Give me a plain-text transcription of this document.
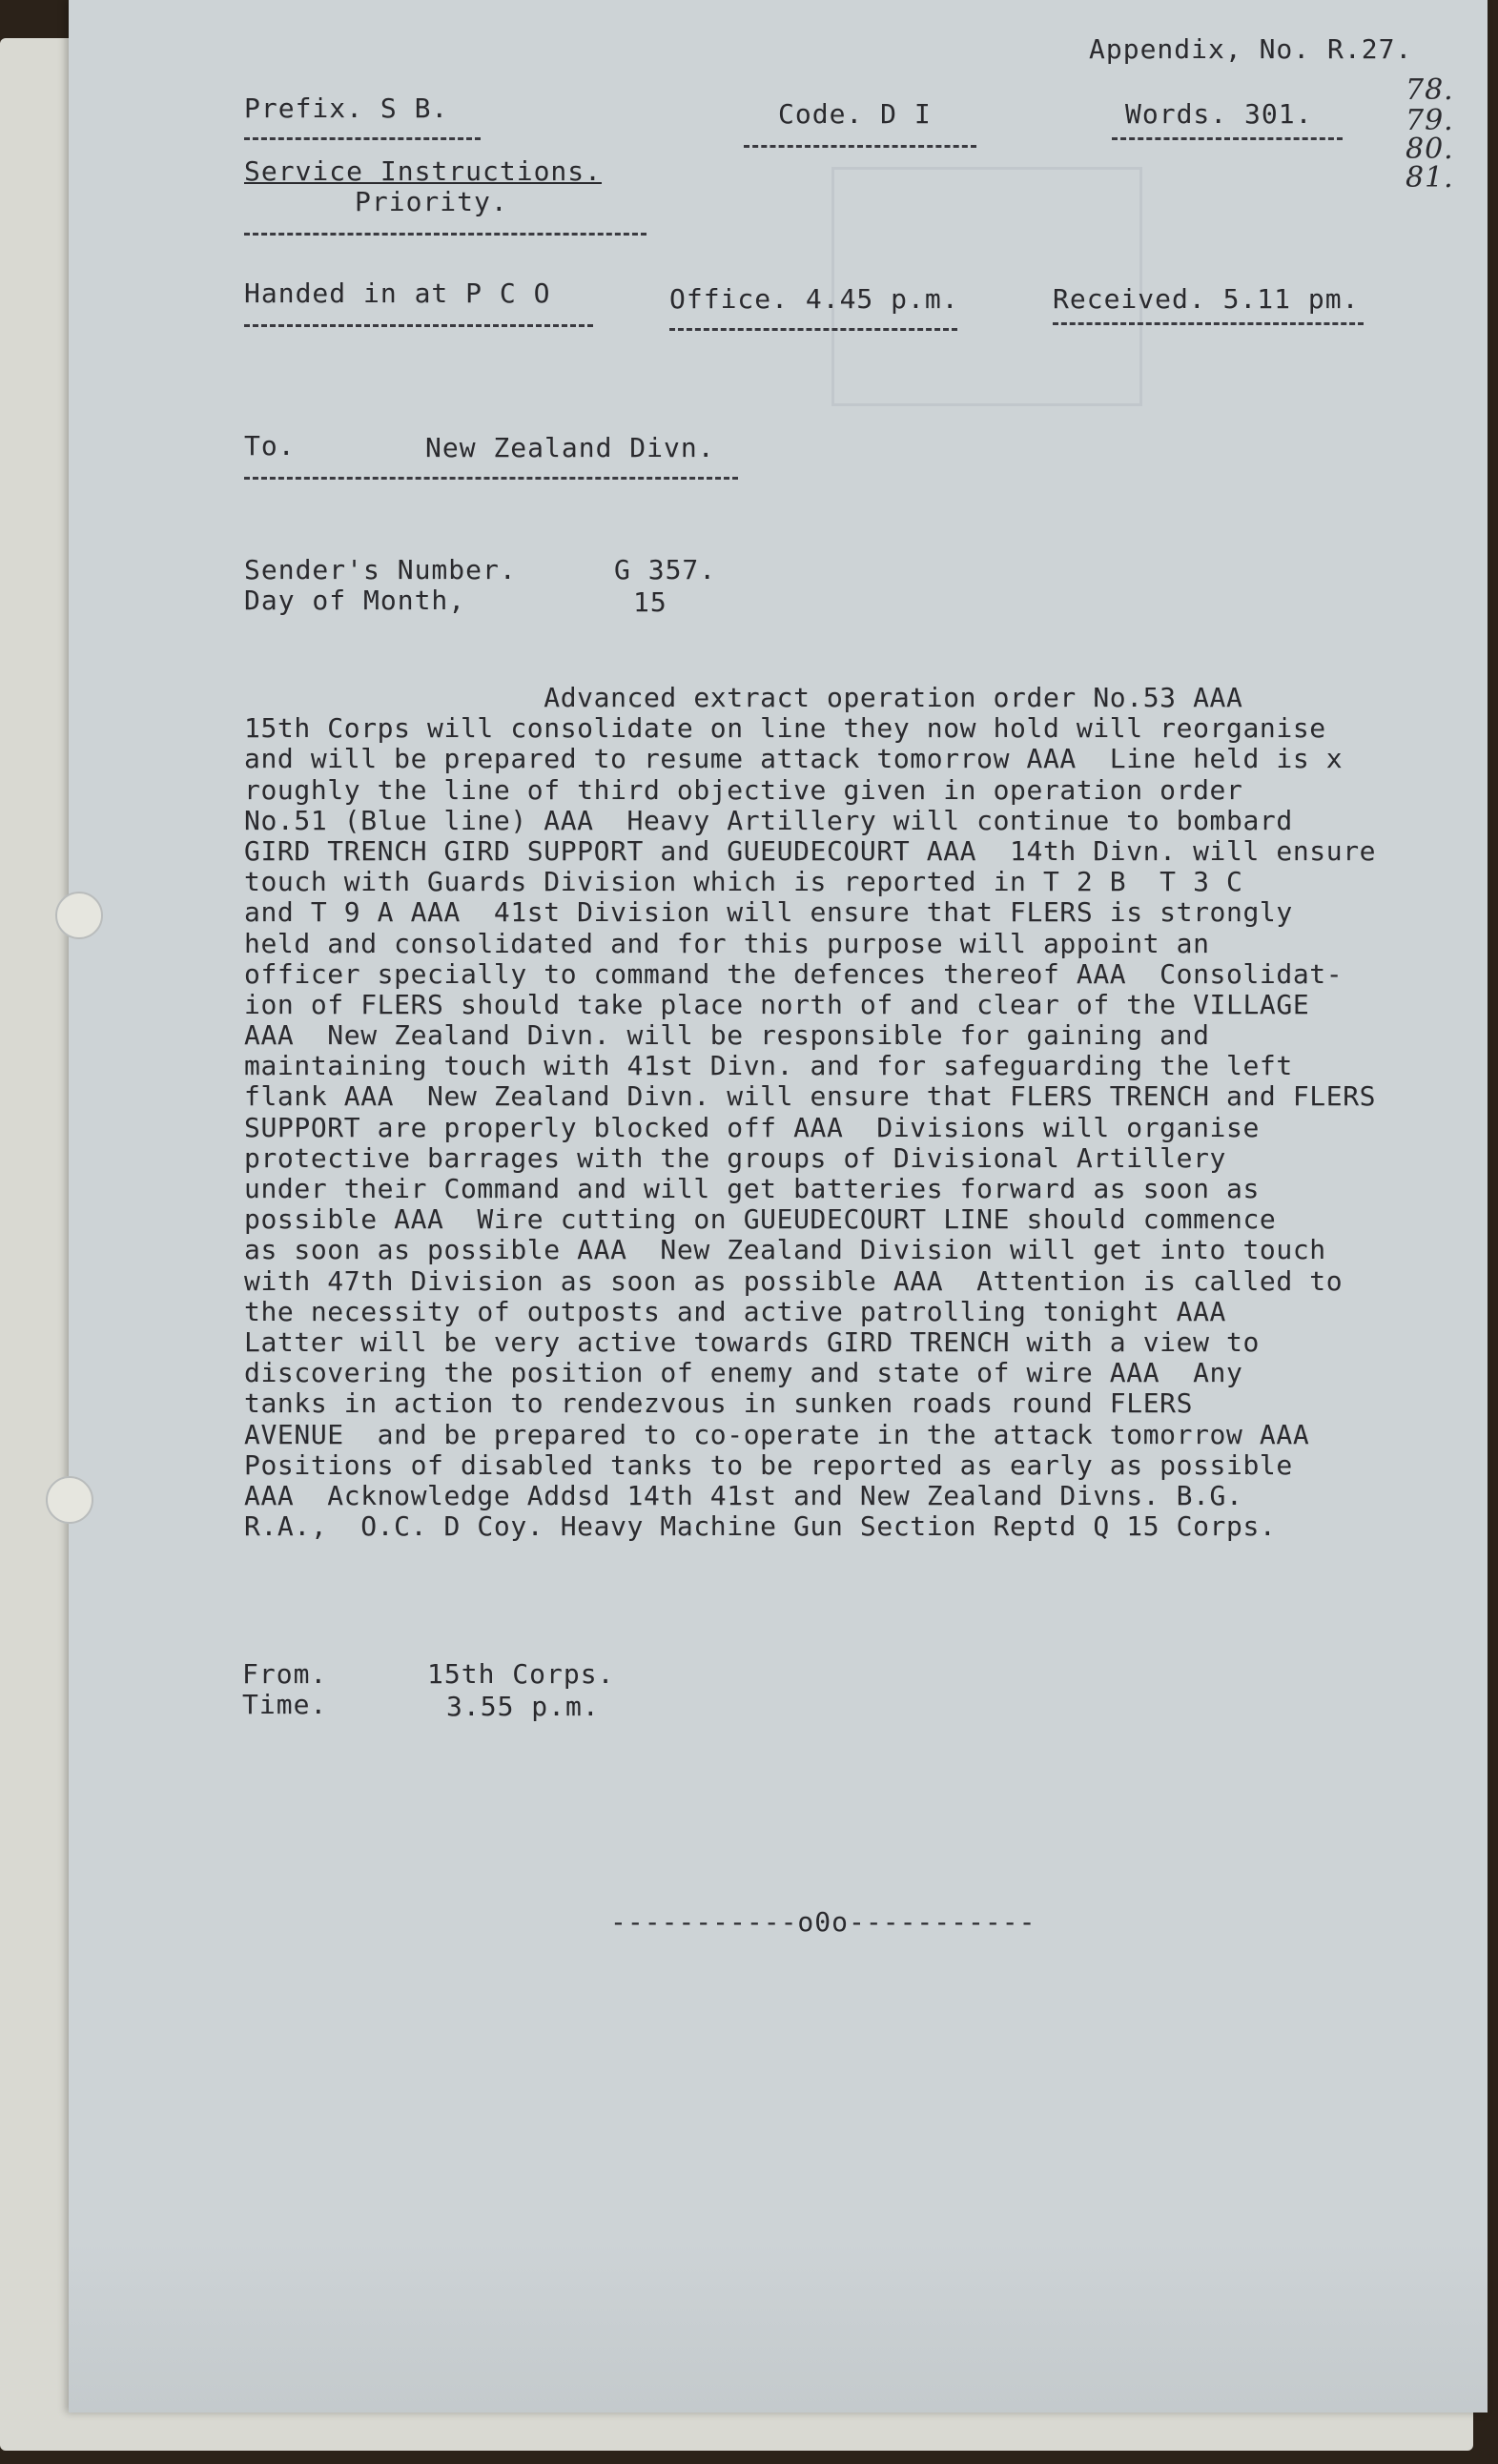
Appendix, No. R.27.
78.
79.
80.
81.
Prefix. S B.	Code. D I	Words. 301.
Service Instructions.
Priority.
Handed in at P C O	Office. 4.45 p.m.	Received. 5.11 pm.
To.	New Zealand Divn.
Sender's Number.	G 357.
Day of Month,	15
Advanced extract operation order No.53 AAA
15th Corps will consolidate on line they now hold will reorganise
and will be prepared to resume attack tomorrow AAA  Line held is x
roughly the line of third objective given in operation order
No.51 (Blue line) AAA  Heavy Artillery will continue to bombard
GIRD TRENCH GIRD SUPPORT and GUEUDECOURT AAA  14th Divn. will ensure
touch with Guards Division which is reported in T 2 B  T 3 C
and T 9 A AAA  41st Division will ensure that FLERS is strongly
held and consolidated and for this purpose will appoint an
officer specially to command the defences thereof AAA  Consolidat-
ion of FLERS should take place north of and clear of the VILLAGE
AAA  New Zealand Divn. will be responsible for gaining and
maintaining touch with 41st Divn. and for safeguarding the left
flank AAA  New Zealand Divn. will ensure that FLERS TRENCH and FLERS
SUPPORT are properly blocked off AAA  Divisions will organise
protective barrages with the groups of Divisional Artillery
under their Command and will get batteries forward as soon as
possible AAA  Wire cutting on GUEUDECOURT LINE should commence
as soon as possible AAA  New Zealand Division will get into touch
with 47th Division as soon as possible AAA  Attention is called to
the necessity of outposts and active patrolling tonight AAA
Latter will be very active towards GIRD TRENCH with a view to
discovering the position of enemy and state of wire AAA  Any
tanks in action to rendezvous in sunken roads round FLERS
AVENUE  and be prepared to co-operate in the attack tomorrow AAA
Positions of disabled tanks to be reported as early as possible
AAA  Acknowledge Addsd 14th 41st and New Zealand Divns. B.G.
R.A.,  O.C. D Coy. Heavy Machine Gun Section Reptd Q 15 Corps.
From.	15th Corps.
Time.	3.55 p.m.
-----------o0o-----------
